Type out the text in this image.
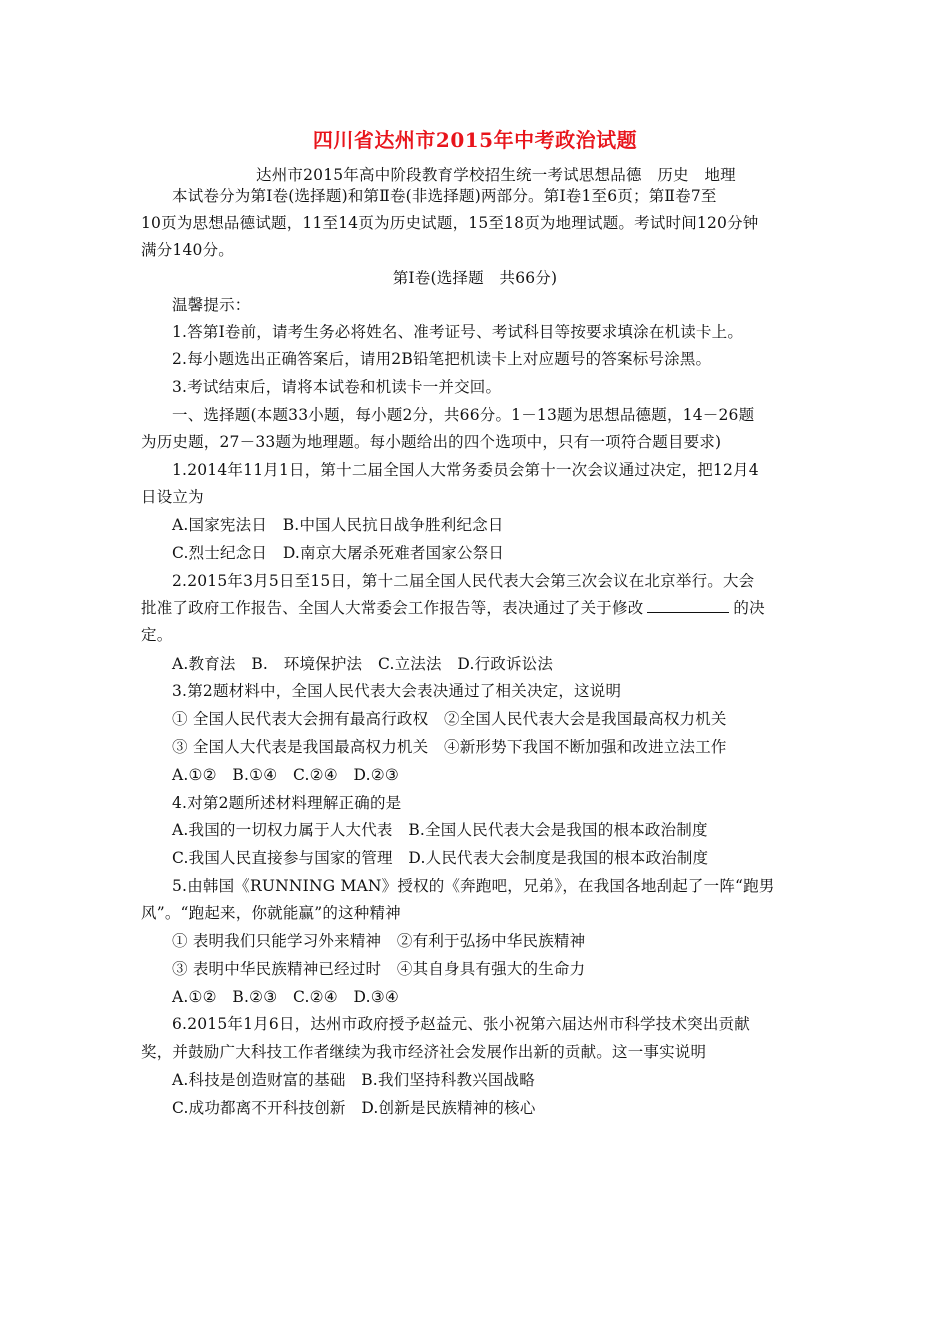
四川省达州市2015年中考政治试题
达州市2015年高中阶段教育学校招生统一考试思想品德　历史　地理
本试卷分为第Ⅰ卷(选择题)和第Ⅱ卷(非选择题)两部分。第Ⅰ卷1至6页；第Ⅱ卷7至
10页为思想品德试题，11至14页为历史试题，15至18页为地理试题。考试时间120分钟
满分140分。
第Ⅰ卷(选择题　共66分)
温馨提示：
1.答第Ⅰ卷前，请考生务必将姓名、准考证号、考试科目等按要求填涂在机读卡上。
2.每小题选出正确答案后，请用2B铅笔把机读卡上对应题号的答案标号涂黑。
3.考试结束后，请将本试卷和机读卡一并交回。
一、选择题(本题33小题，每小题2分，共66分。1－13题为思想品德题，14－26题
为历史题，27－33题为地理题。每小题给出的四个选项中，只有一项符合题目要求)
1.2014年11月1日，第十二届全国人大常务委员会第十一次会议通过决定，把12月4
日设立为
A.国家宪法日　B.中国人民抗日战争胜利纪念日
C.烈士纪念日　D.南京大屠杀死难者国家公祭日
2.2015年3月5日至15日，第十二届全国人民代表大会第三次会议在北京举行。大会
批准了政府工作报告、全国人大常委会工作报告等，表决通过了关于修改	的决
定。
A.教育法　B.　环境保护法　C.立法法　D.行政诉讼法
3.第2题材料中，全国人民代表大会表决通过了相关决定，这说明
① 全国人民代表大会拥有最高行政权　②全国人民代表大会是我国最高权力机关
③ 全国人大代表是我国最高权力机关　④新形势下我国不断加强和改进立法工作
A.①②　B.①④　C.②④　D.②③
4.对第2题所述材料理解正确的是
A.我国的一切权力属于人大代表　B.全国人民代表大会是我国的根本政治制度
C.我国人民直接参与国家的管理　D.人民代表大会制度是我国的根本政治制度
5.由韩国《RUNNING MAN》授权的《奔跑吧，兄弟》，在我国各地刮起了一阵“跑男
风”。“跑起来，你就能赢”的这种精神
① 表明我们只能学习外来精神　②有利于弘扬中华民族精神
③ 表明中华民族精神已经过时　④其自身具有强大的生命力
A.①②　B.②③　C.②④　D.③④
6.2015年1月6日，达州市政府授予赵益元、张小祝第六届达州市科学技术突出贡献
奖，并鼓励广大科技工作者继续为我市经济社会发展作出新的贡献。这一事实说明
A.科技是创造财富的基础　B.我们坚持科教兴国战略
C.成功都离不开科技创新　D.创新是民族精神的核心
